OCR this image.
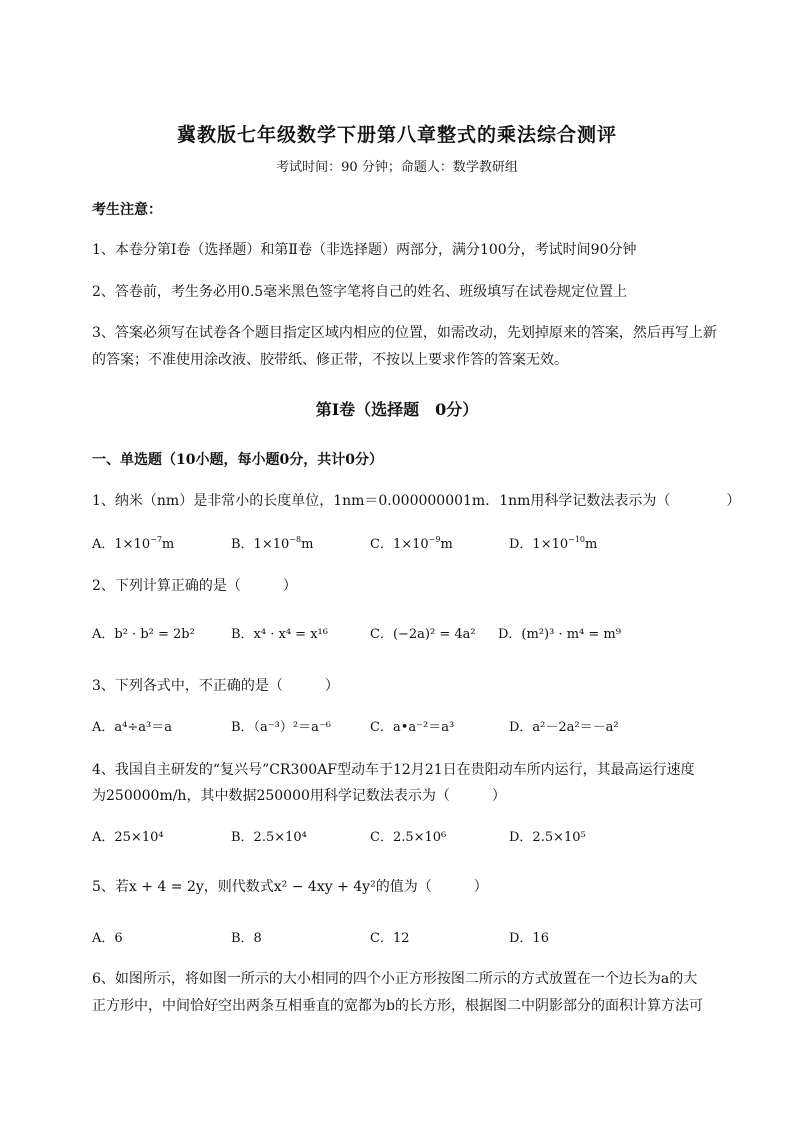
冀教版七年级数学下册第八章整式的乘法综合测评
考试时间：90 分钟；命题人：数学教研组
考生注意：
1、本卷分第Ⅰ卷（选择题）和第Ⅱ卷（非选择题）两部分，满分100分，考试时间90分钟
2、答卷前，考生务必用0.5毫米黑色签字笔将自己的姓名、班级填写在试卷规定位置上
3、答案必须写在试卷各个题目指定区域内相应的位置，如需改动，先划掉原来的答案，然后再写上新
的答案；不准使用涂改液、胶带纸、修正带，不按以上要求作答的答案无效。
第Ⅰ卷（选择题　0分）
一、单选题（10小题，每小题0分，共计0分）
1、纳米（nm）是非常小的长度单位，1nm＝0.000000001m．1nm用科学记数法表示为（　　　　）
A．$1\times 10^{-7}m$	B．$1\times 10^{-8}m$	C．$1\times 10^{-9}m$	D．$1\times 10^{-10}m$
2、下列计算正确的是（　　　）
A．b² · b² = 2b²	B．x⁴ · x⁴ = x¹⁶	C．(−2a)² = 4a² D．(m²)³ · m⁴ = m⁹
3、下列各式中，不正确的是（　　　）
A．a⁴÷a³＝a	B．（a⁻³）²＝a⁻⁶	C．a•a⁻²＝a³	D．a²－2a²＝－a²
4、我国自主研发的“复兴号”CR300AF型动车于12月21日在贵阳动车所内运行，其最高运行速度
为250000m/h，其中数据250000用科学记数法表示为（　　　）
A．25×10⁴	B．2.5×10⁴	C．2.5×10⁶	D．2.5×10⁵
5、若x + 4 = 2y，则代数式x² − 4xy + 4y²的值为（　　　）
A．6	B．8	C．12	D．16
6、如图所示，将如图一所示的大小相同的四个小正方形按图二所示的方式放置在一个边长为a的大
正方形中，中间恰好空出两条互相垂直的宽都为b的长方形，根据图二中阴影部分的面积计算方法可
